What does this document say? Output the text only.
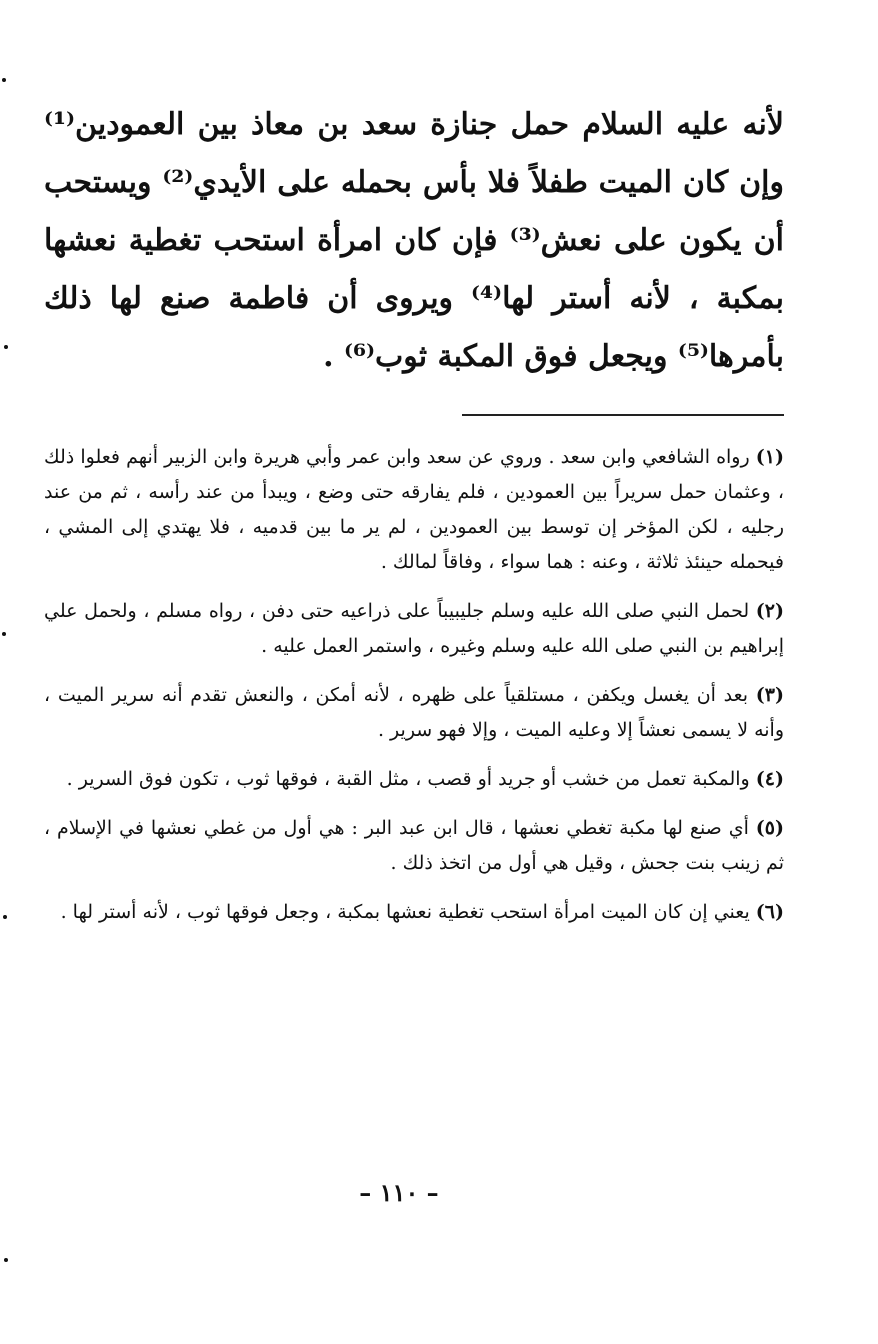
لأنه عليه السلام حمل جنازة سعد بن معاذ بين العمودين⁽¹⁾ وإن كان الميت طفلاً فلا بأس بحمله على الأيدي⁽²⁾ ويستحب أن يكون على نعش⁽³⁾ فإن كان امرأة استحب تغطية نعشها بمكبة ، لأنه أستر لها⁽⁴⁾ ويروى أن فاطمة صنع لها ذلك بأمرها⁽⁵⁾ ويجعل فوق المكبة ثوب⁽⁶⁾ .

(١) رواه الشافعي وابن سعد . وروي عن سعد وابن عمر وأبي هريرة وابن الزبير أنهم فعلوا ذلك ، وعثمان حمل سريراً بين العمودين ، فلم يفارقه حتى وضع ، ويبدأ من عند رأسه ، ثم من عند رجليه ، لكن المؤخر إن توسط بين العمودين ، لم ير ما بين قدميه ، فلا يهتدي إلى المشي ، فيحمله حينئذ ثلاثة ، وعنه : هما سواء ، وفاقاً لمالك .

(٢) لحمل النبي صلى الله عليه وسلم جليبيباً على ذراعيه حتى دفن ، رواه مسلم ، ولحمل علي إبراهيم بن النبي صلى الله عليه وسلم وغيره ، واستمر العمل عليه .

(٣) بعد أن يغسل ويكفن ، مستلقياً على ظهره ، لأنه أمكن ، والنعش تقدم أنه سرير الميت ، وأنه لا يسمى نعشاً إلا وعليه الميت ، وإلا فهو سرير .

(٤) والمكبة تعمل من خشب أو جريد أو قصب ، مثل القبة ، فوقها ثوب ، تكون فوق السرير .

(٥) أي صنع لها مكبة تغطي نعشها ، قال ابن عبد البر : هي أول من غطي نعشها في الإسلام ، ثم زينب بنت جحش ، وقيل هي أول من اتخذ ذلك .

(٦) يعني إن كان الميت امرأة استحب تغطية نعشها بمكبة ، وجعل فوقها ثوب ، لأنه أستر لها .

– ١١٠ –
